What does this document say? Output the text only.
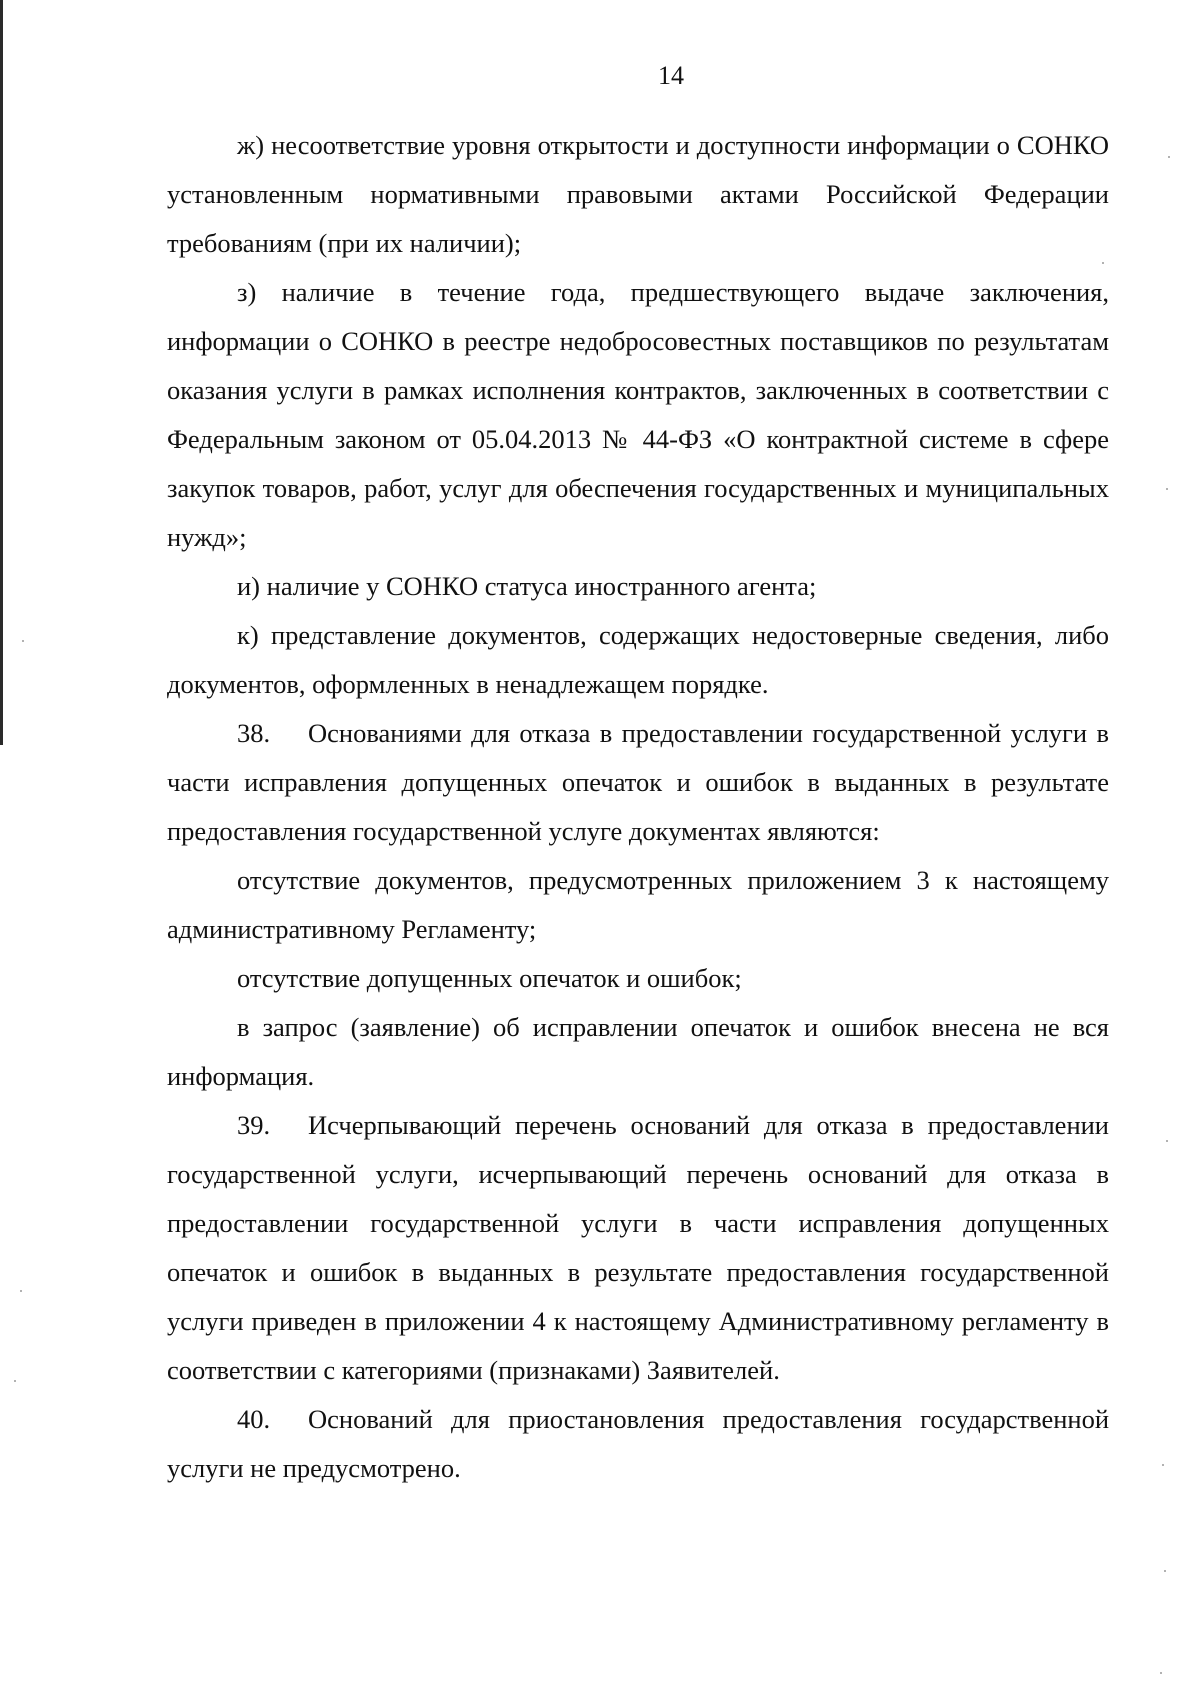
14

ж) несоответствие уровня открытости и доступности информации о СОНКО установленным нормативными правовыми актами Российской Федерации требованиям (при их наличии);

з) наличие в течение года, предшествующего выдаче заключения, информации о СОНКО в реестре недобросовестных поставщиков по результатам оказания услуги в рамках исполнения контрактов, заключенных в соответствии с Федеральным законом от 05.04.2013 № 44-ФЗ «О контрактной системе в сфере закупок товаров, работ, услуг для обеспечения государственных и муниципальных нужд»;

и) наличие у СОНКО статуса иностранного агента;

к) представление документов, содержащих недостоверные сведения, либо документов, оформленных в ненадлежащем порядке.

38. Основаниями для отказа в предоставлении государственной услуги в части исправления допущенных опечаток и ошибок в выданных в результате предоставления государственной услуге документах являются:

отсутствие документов, предусмотренных приложением 3 к настоящему административному Регламенту;

отсутствие допущенных опечаток и ошибок;

в запрос (заявление) об исправлении опечаток и ошибок внесена не вся информация.

39. Исчерпывающий перечень оснований для отказа в предоставлении государственной услуги, исчерпывающий перечень оснований для отказа в предоставлении государственной услуги в части исправления допущенных опечаток и ошибок в выданных в результате предоставления государственной услуги приведен в приложении 4 к настоящему Административному регламенту в соответствии с категориями (признаками) Заявителей.

40. Оснований для приостановления предоставления государственной услуги не предусмотрено.
